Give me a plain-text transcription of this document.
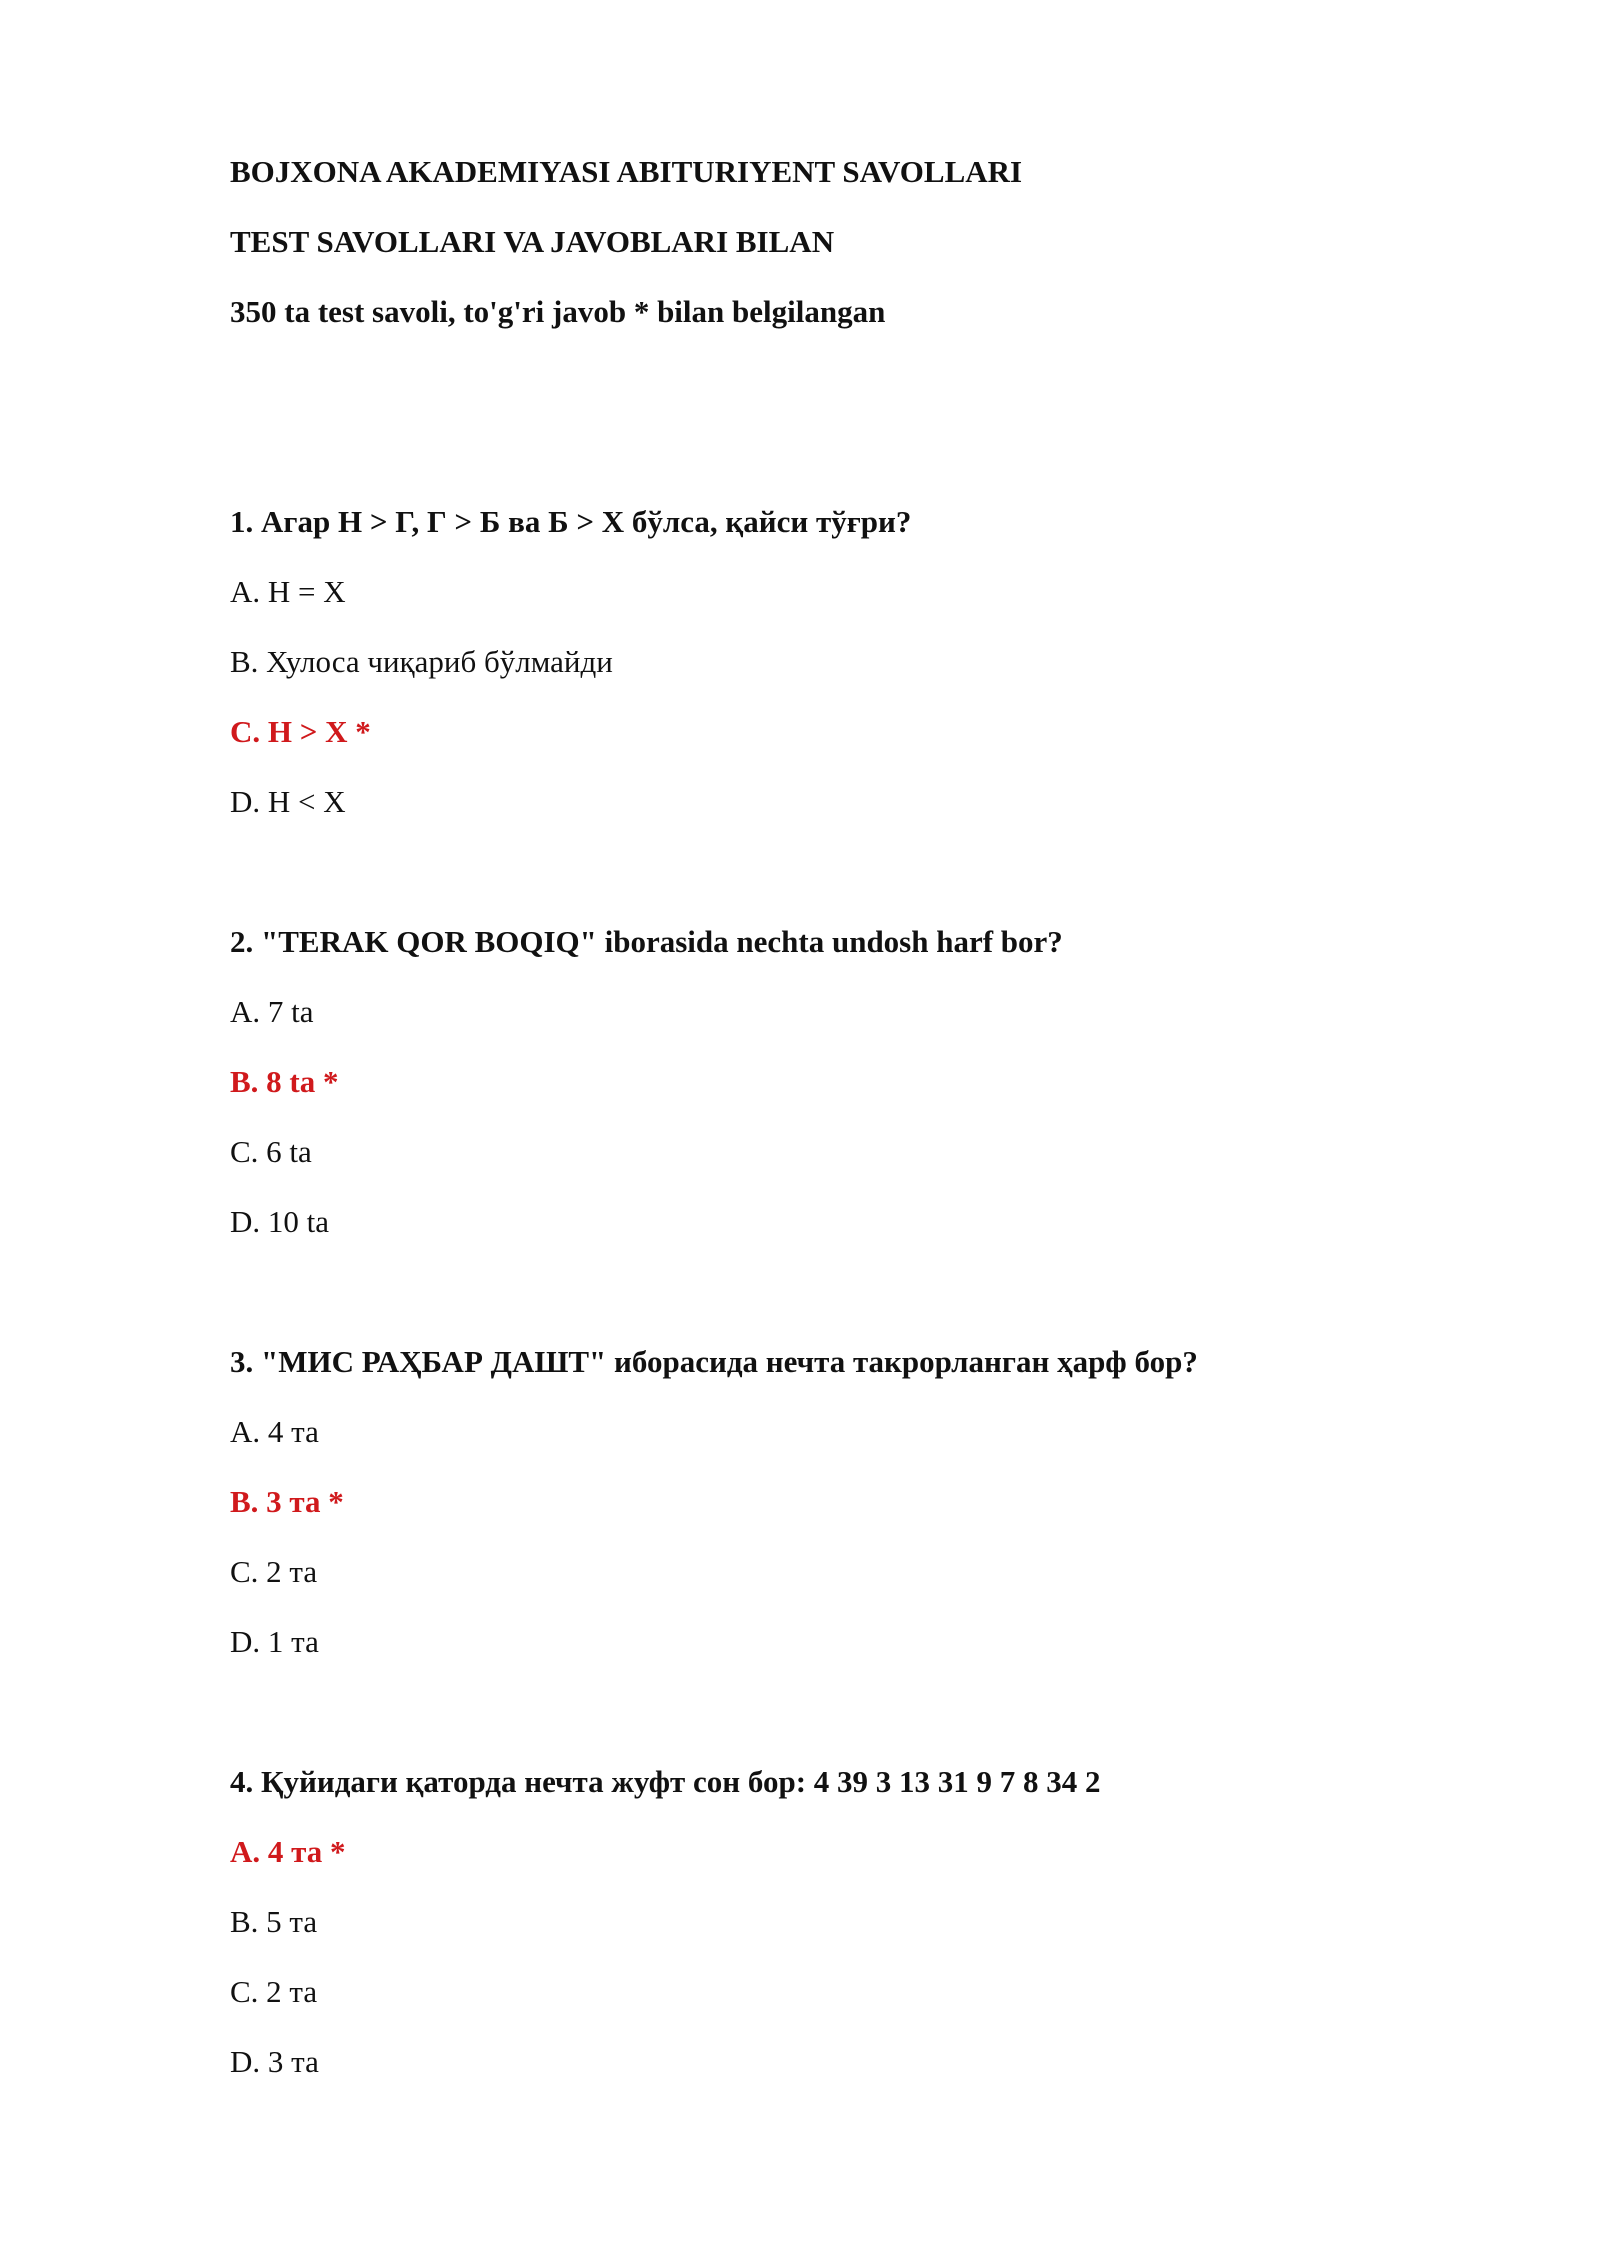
BOJXONA AKADEMIYASI ABITURIYENT SAVOLLARI
TEST SAVOLLARI VA JAVOBLARI BILAN
350 ta test savoli, to'g'ri javob * bilan belgilangan
1. Агар Н > Г, Г > Б ва Б > Х бўлса, қайси тўғри?
A. Н = Х
B. Хулоса чиқариб бўлмайди
C. Н > Х *
D. Н < Х
2. "TERAK QOR BOQIQ" iborasida nechta undosh harf bor?
A. 7 ta
B. 8 ta *
C. 6 ta
D. 10 ta
3. "МИС РАҲБАР ДАШТ" иборасида нечта такрорланган ҳарф бор?
A. 4 та
B. 3 та *
C. 2 та
D. 1 та
4. Қуйидаги қаторда нечта жуфт сон бор: 4 39 3 13 31 9 7 8 34 2
A. 4 та *
B. 5 та
C. 2 та
D. 3 та
